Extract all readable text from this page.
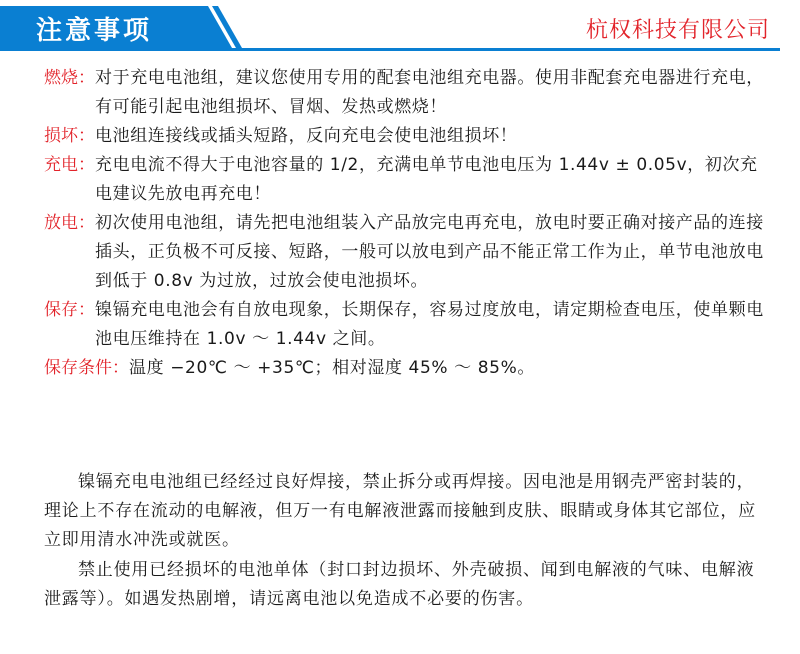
注意事项	杭权科技有限公司
燃烧： 对于充电电池组，建议您使用专用的配套电池组充电器。使用非配套充电器进行充电，有可能引起电池组损坏、冒烟、发热或燃烧！
损坏： 电池组连接线或插头短路，反向充电会使电池组损坏！
充电： 充电电流不得大于电池容量的 1/2，充满电单节电池电压为 1.44v ± 0.05v，初次充电建议先放电再充电！
放电： 初次使用电池组，请先把电池组装入产品放完电再充电，放电时要正确对接产品的连接插头，正负极不可反接、短路，一般可以放电到产品不能正常工作为止，单节电池放电到低于 0.8v 为过放，过放会使电池损坏。
保存： 镍镉充电电池会有自放电现象，长期保存，容易过度放电，请定期检查电压，使单颗电池电压维持在 1.0v ～ 1.44v 之间。
保存条件： 温度 −20℃ ～ +35℃；相对湿度 45% ～ 85%。

镍镉充电电池组已经经过良好焊接，禁止拆分或再焊接。因电池是用钢壳严密封装的，理论上不存在流动的电解液，但万一有电解液泄露而接触到皮肤、眼睛或身体其它部位，应立即用清水冲洗或就医。

禁止使用已经损坏的电池单体（封口封边损坏、外壳破损、闻到电解液的气味、电解液泄露等）。如遇发热剧增，请远离电池以免造成不必要的伤害。
